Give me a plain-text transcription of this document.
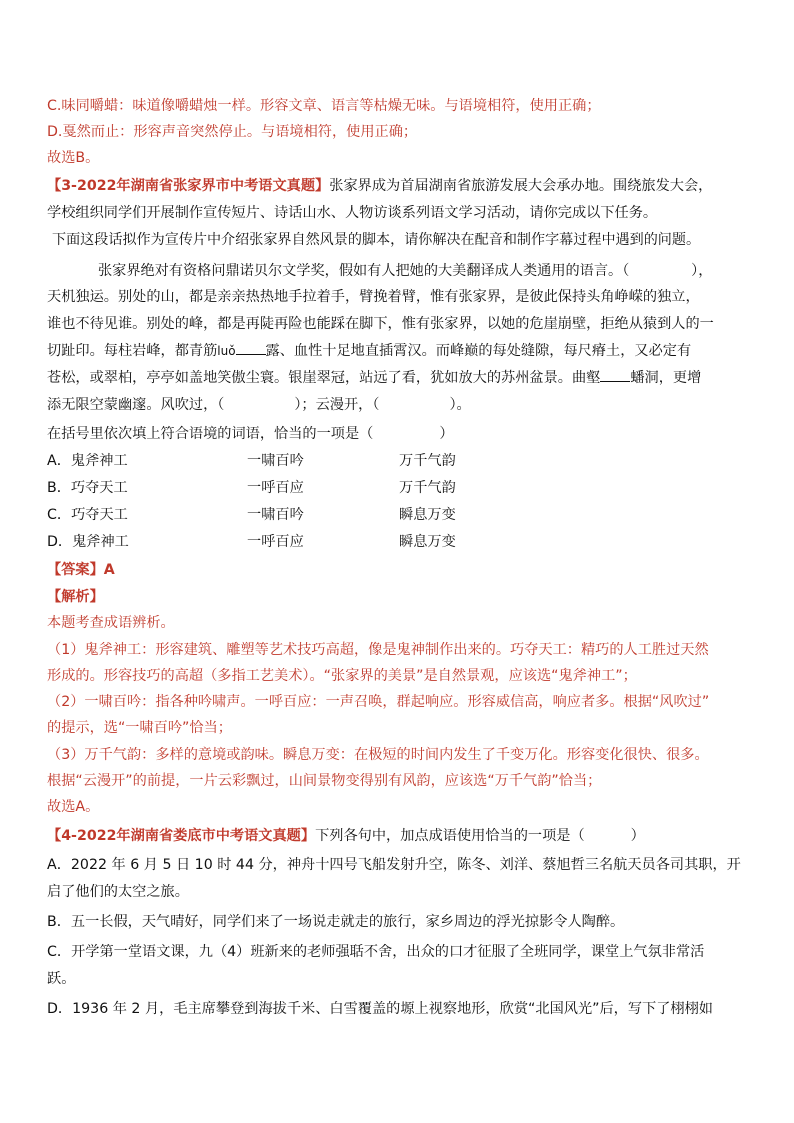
C.味同嚼蜡：味道像嚼蜡烛一样。形容文章、语言等枯燥无味。与语境相符，使用正确；
D.戛然而止：形容声音突然停止。与语境相符，使用正确；
故选B。
【3-2022年湖南省张家界市中考语文真题】张家界成为首届湖南省旅游发展大会承办地。围绕旅发大会，
学校组织同学们开展制作宣传短片、诗话山水、人物访谈系列语文学习活动，请你完成以下任务。
下面这段话拟作为宣传片中介绍张家界自然风景的脚本，请你解决在配音和制作字幕过程中遇到的问题。
张家界绝对有资格问鼎诺贝尔文学奖，假如有人把她的大美翻译成人类通用的语言。（	），
天机独运。别处的山，都是亲亲热热地手拉着手，臂挽着臂，惟有张家界，是彼此保持头角峥嵘的独立，
谁也不待见谁。别处的峰，都是再陡再险也能踩在脚下，惟有张家界，以她的危崖崩壁，拒绝从猿到人的一
切趾印。每柱岩峰，都青筋luǒ 露、血性十足地直插霄汉。而峰巅的每处缝隙，每尺瘠土，又必定有
苍松，或翠柏，亭亭如盖地笑傲尘寰。银崖翠冠，站远了看，犹如放大的苏州盆景。曲壑 蟠洞，更增
添无限空蒙幽邃。风吹过，（	）；云漫开，（	）。
在括号里依次填上符合语境的词语，恰当的一项是（	）
A．鬼斧神工	一啸百吟	万千气韵
B．巧夺天工	一呼百应	万千气韵
C．巧夺天工	一啸百吟	瞬息万变
D．鬼斧神工	一呼百应	瞬息万变
【答案】A
【解析】
本题考查成语辨析。
（1）鬼斧神工：形容建筑、雕塑等艺术技巧高超，像是鬼神制作出来的。巧夺天工：精巧的人工胜过天然
形成的。形容技巧的高超（多指工艺美术）。“张家界的美景”是自然景观，应该选“鬼斧神工”；
（2）一啸百吟：指各种吟啸声。一呼百应：一声召唤，群起响应。形容威信高，响应者多。根据“风吹过”
的提示，选“一啸百吟”恰当；
（3）万千气韵：多样的意境或韵味。瞬息万变：在极短的时间内发生了千变万化。形容变化很快、很多。
根据“云漫开”的前提，一片云彩飘过，山间景物变得别有风韵，应该选“万千气韵”恰当；
故选A。
【4-2022年湖南省娄底市中考语文真题】下列各句中，加点成语使用恰当的一项是（	）
A．2022 年 6 月 5 日 10 时 44 分，神舟十四号飞船发射升空，陈冬、刘洋、蔡旭哲三名航天员各司其职，开
启了他们的太空之旅。
B．五一长假，天气晴好，同学们来了一场说走就走的旅行，家乡周边的浮光掠影令人陶醉。
C．开学第一堂语文课，九（4）班新来的老师强聒不舍，出众的口才征服了全班同学，课堂上气氛非常活
跃。
D．1936 年 2 月，毛主席攀登到海拔千米、白雪覆盖的塬上视察地形，欣赏“北国风光”后，写下了栩栩如
